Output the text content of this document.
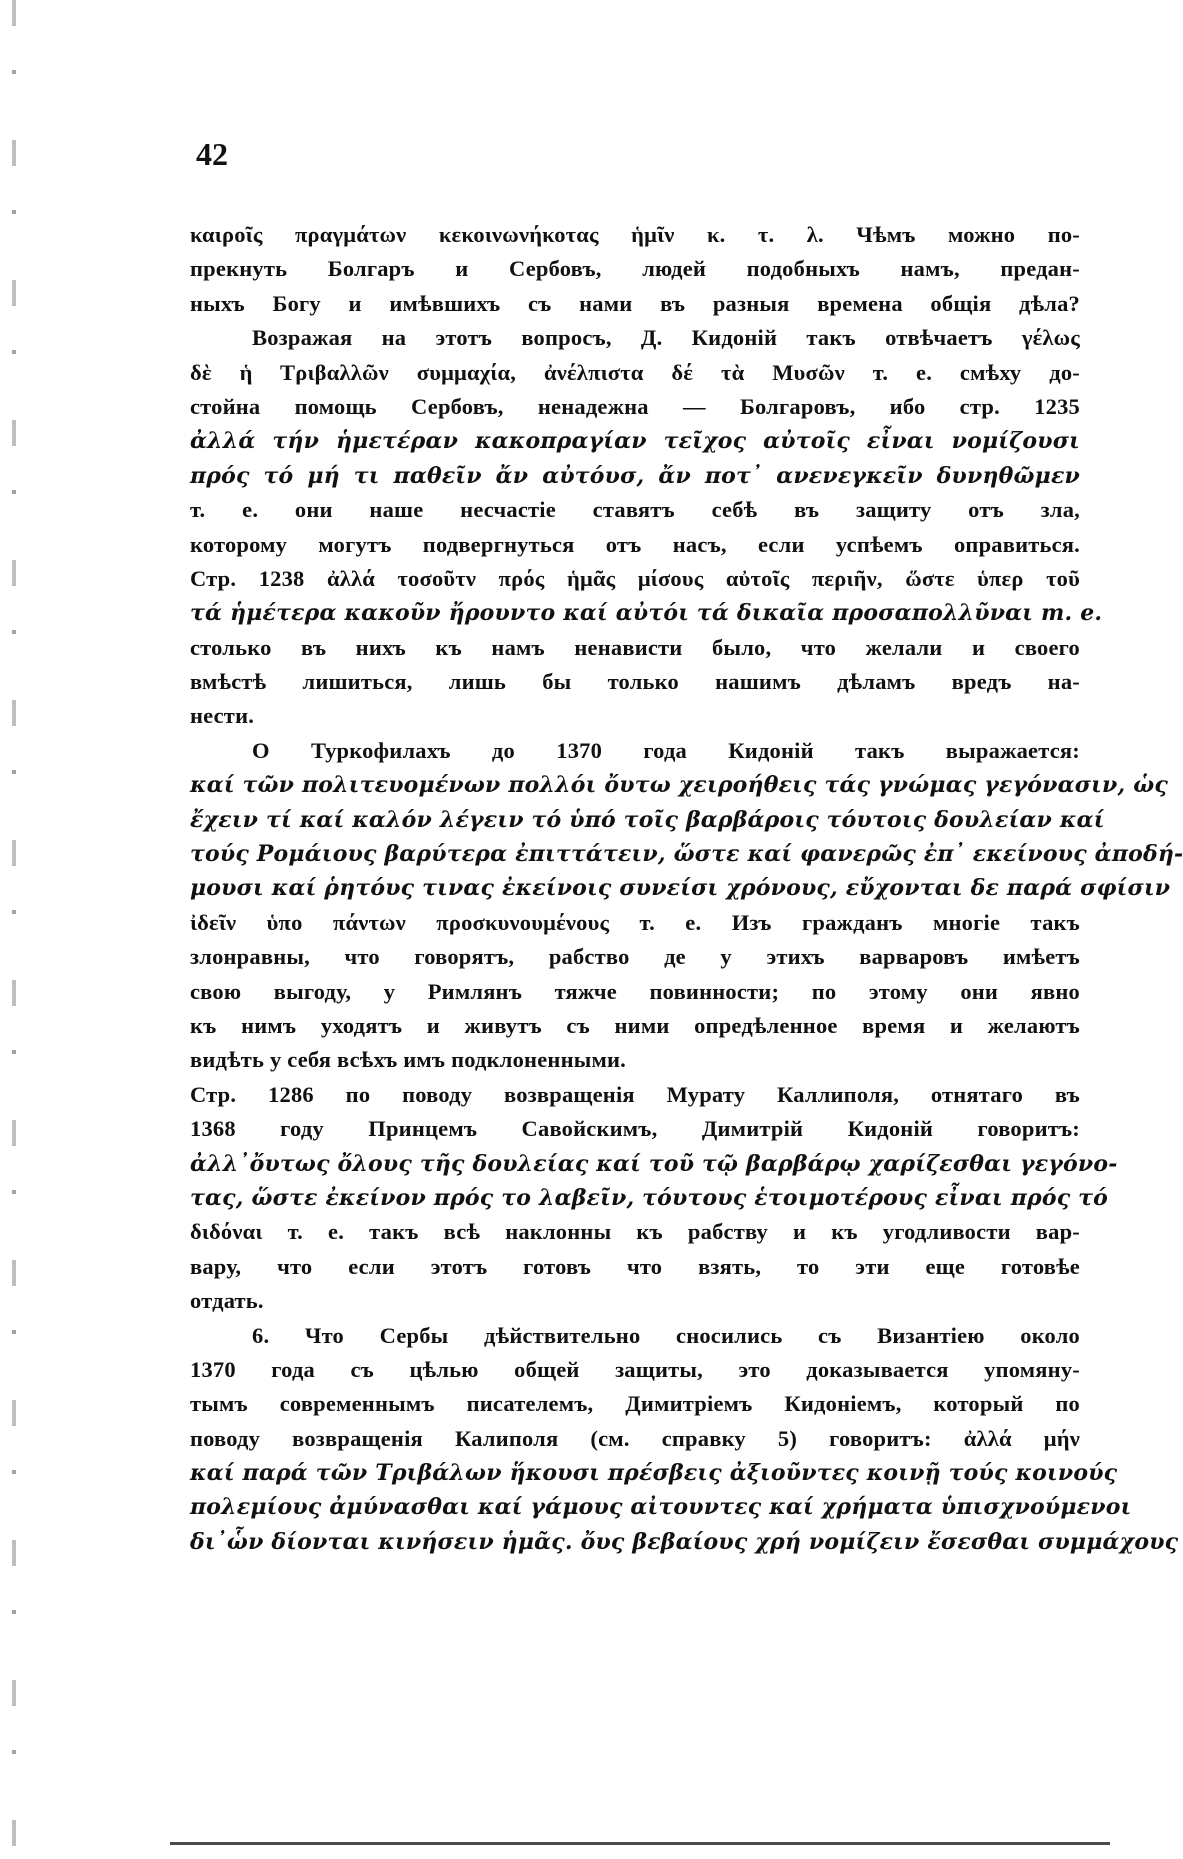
42
καιροῖς πραγμάτων κεκοινωνήκοτας ἡμῖν κ. τ. λ. Чѣмъ можно по-
прекнуть Болгаръ и Сербовъ, людей подобныхъ намъ, предан-
ныхъ Богу и имѣвшихъ съ нами въ разныя времена общія дѣла?
Возражая на этотъ вопросъ, Д. Кидоній такъ отвѣчаетъ γέλως
δὲ ἡ Τριβαλλῶν συμμαχία, ἀνέλπιστα δέ τὰ Μυσῶν т. е. смѣху до-
стойна помощь Сербовъ, ненадежна — Болгаровъ, ибо стр. 1235
ἀλλά τήν ἡμετέραν κακοπραγίαν τεῖχος αὐτοῖς εἶναι νομίζουσι
πρός τό μή τι παθεῖν ἄν αὐτόυσ, ἄν ποτ᾽ ανενεγκεῖν δυνηθῶμεν
т. е. они наше несчастіе ставятъ себѣ въ защиту отъ зла,
которому могутъ подвергнуться отъ насъ, если успѣемъ оправиться.
Стр. 1238 ἀλλά τοσοῦτν πρός ἡμᾶς μίσους αὐτοῖς περιῆν, ὥστε ὑπερ τοῦ
τά ἡμέτερα κακοῦν ἤρουντο καί αὐτόι τά δικαῖα προσαπολλῦναι т. е.
столько въ нихъ къ намъ ненависти было, что желали и своего
вмѣстѣ лишиться, лишь бы только нашимъ дѣламъ вредъ на-
нести.
О Туркофилахъ до 1370 года Кидоній такъ выражается:
καί τῶν πολιτευομένων πολλόι ὄυτω χειροήθεις τάς γνώμας γεγόνασιν, ὡς
ἔχειν τί καί καλόν λέγειν τό ὑπό τοῖς βαρβάροις τόυτοις δουλείαν καί
τούς Ρομάιους βαρύτερα ἐπιττάτειν, ὥστε καί φανερῶς ἐπ᾽ εκείνους ἀποδή-
μουσι καί ῥητόυς τινας ἐκείνοις συνείσι χρόνους, εὔχονται δε παρά σφίσιν
ἰδεῖν ὑπο πάντων προσκυνουμένους т. е. Изъ гражданъ многіе такъ
злонравны, что говорятъ, рабство де у этихъ варваровъ имѣетъ
свою выгоду, у Римлянъ тяжче повинности; по этому они явно
къ нимъ уходятъ и живутъ съ ними опредѣленное время и желаютъ
видѣть у себя всѣхъ имъ подклоненными.
Стр. 1286 по поводу возвращенія Мурату Каллиполя, отнятаго въ
1368 году Принцемъ Савойскимъ, Димитрій Кидоній говоритъ:
ἀλλ᾽ὄυτως ὄλους τῆς δουλείας καί τοῦ τῷ βαρβάρῳ χαρίζεσθαι γεγόνο-
τας, ὥστε ἐκείνον πρός το λαβεῖν, τόυτους ἑτοιμοτέρους εἶναι πρός τό
διδόναι т. е. такъ всѣ наклонны къ рабству и къ угодливости вар-
вару, что если этотъ готовъ что взять, то эти еще готовѣе
отдать.
6. Что Сербы дѣйствительно сносились съ Византіею около
1370 года съ цѣлью общей защиты, это доказывается упомяну-
тымъ современнымъ писателемъ, Димитріемъ Кидоніемъ, который по
поводу возвращенія Калиполя (см. справку 5) говоритъ: ἀλλά μήν
καί παρά τῶν Τριβάλων ἥκουσι πρέσβεις ἀξιοῦντες κοινῇ τούς κοινούς
πολεμίους ἀμύνασθαι καί γάμους αἰτουντες καί χρήματα ὑπισχνούμενοι
δι᾽ὧν δίονται κινήσειν ἡμᾶς. ὄυς βεβαίους χρή νομίζειν ἔσεσθαι συμμάχους
